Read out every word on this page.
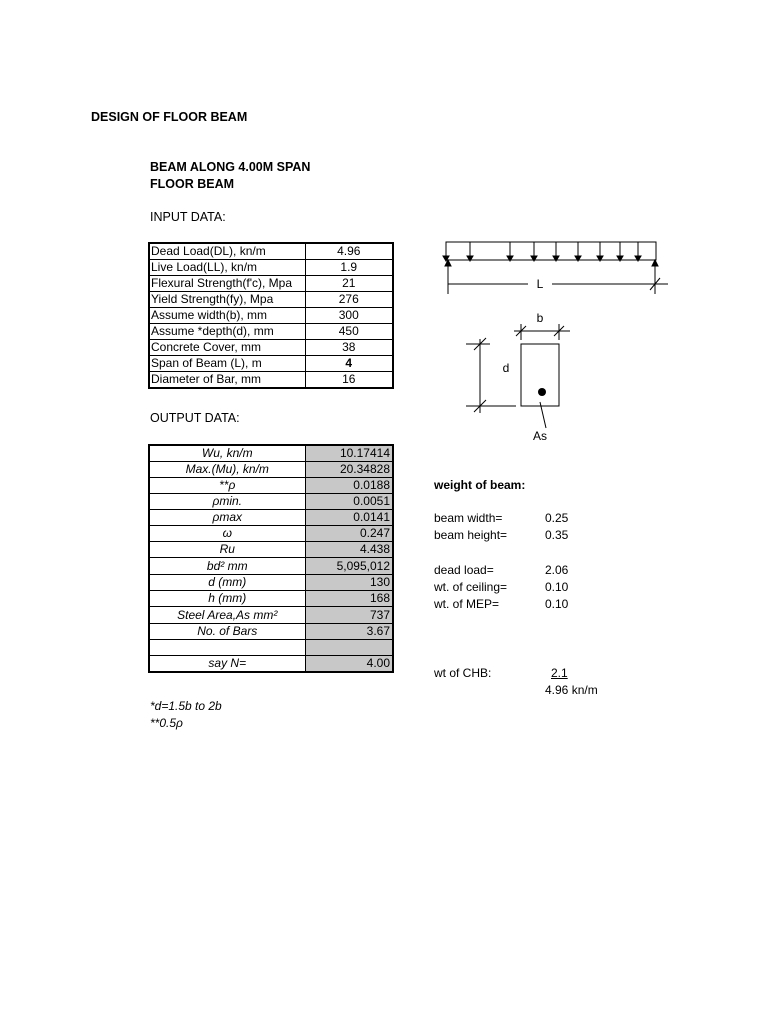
DESIGN OF FLOOR BEAM
BEAM ALONG 4.00M SPAN
FLOOR BEAM
INPUT DATA:
Dead Load(DL), kn/m	4.96
Live Load(LL), kn/m	1.9
Flexural Strength(f'c), Mpa	21
Yield Strength(fy), Mpa	276
Assume width(b), mm	300
Assume *depth(d), mm	450
Concrete Cover, mm	38
Span of Beam (L), m	4
Diameter of Bar, mm	16
OUTPUT DATA:
Wu, kn/m	10.17414
Max.(Mu), kn/m	20.34828
**ρ	0.0188
ρmin.	0.0051
ρmax	0.0141
ω	0.247
Ru	4.438
bd² mm	5,095,012
d (mm)	130
h (mm)	168
Steel Area,As mm²	737
No. of Bars	3.67

say N=	4.00
*d=1.5b to 2b
**0.5ρ
weight of beam:
beam width=	0.25
beam height=	0.35
dead load=	2.06
wt. of ceiling=	0.10
wt. of MEP=	0.10
wt of CHB:	2.1
4.96 kn/m
L
b
d
As
